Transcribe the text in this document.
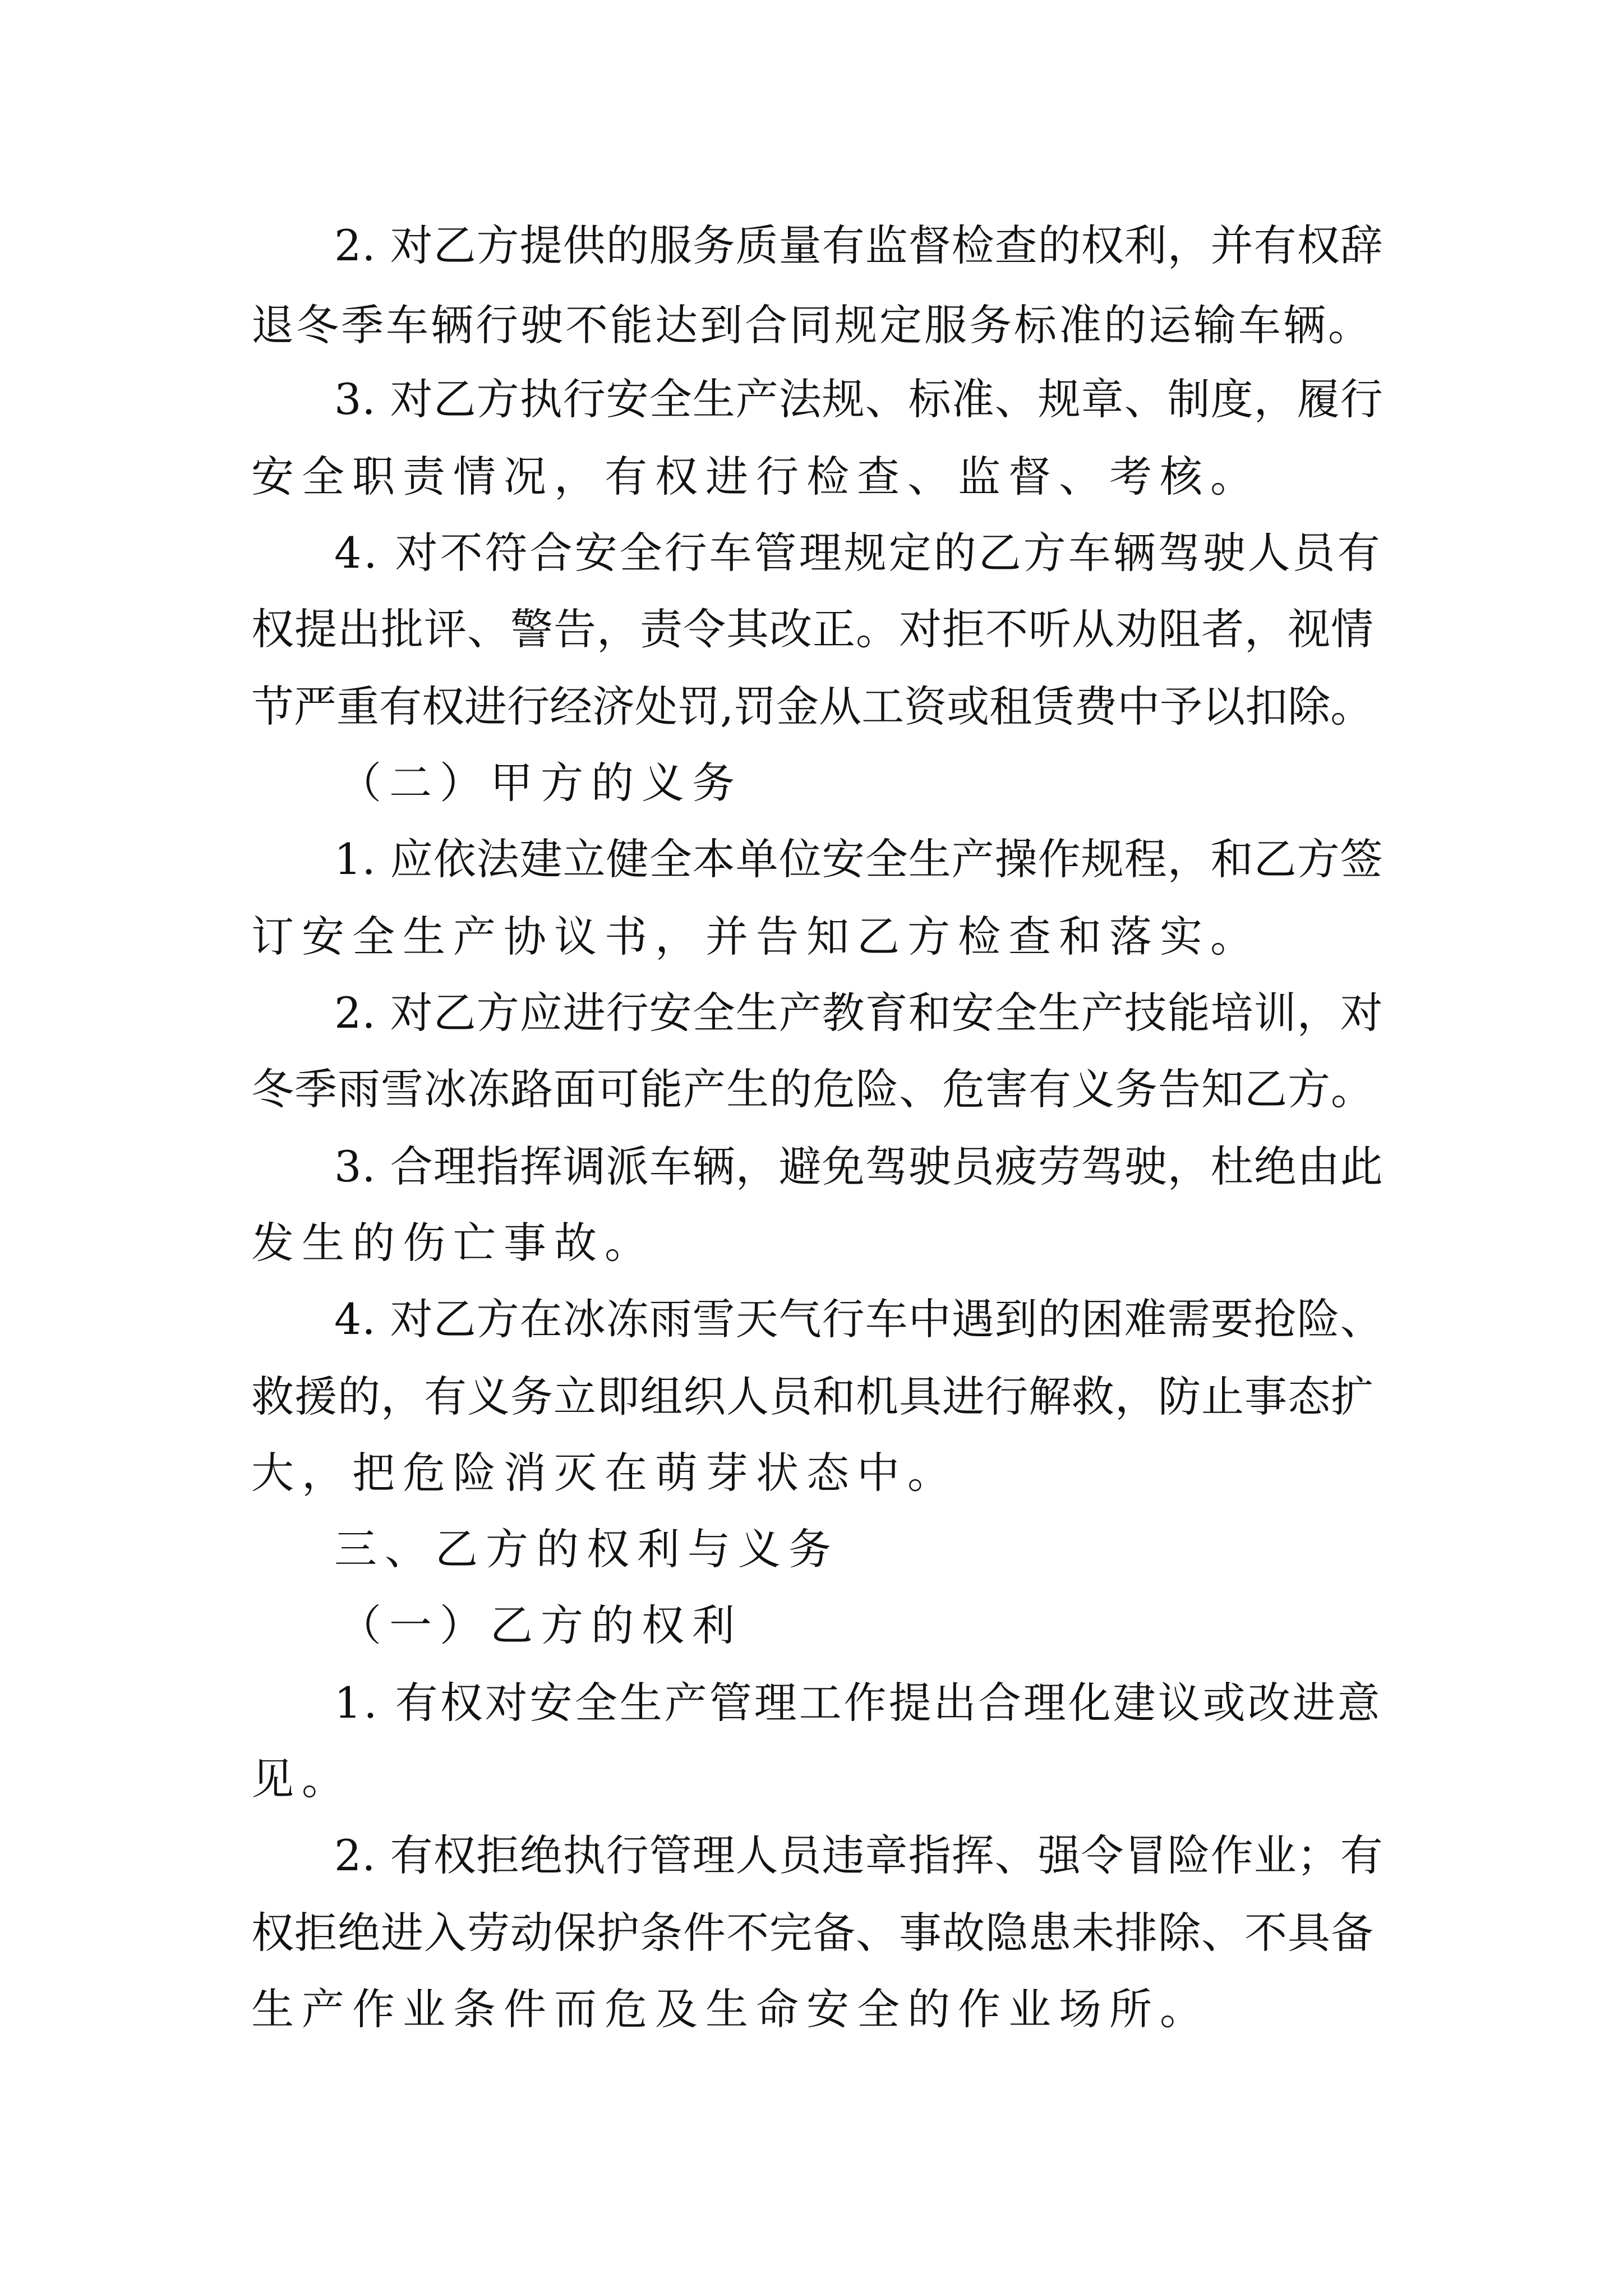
2. 对乙方提供的服务质量有监督检查的权利，并有权辞

退冬季车辆行驶不能达到合同规定服务标准的运输车辆。

3. 对乙方执行安全生产法规、标准、规章、制度，履行

安全职责情况，有权进行检查、监督、考核。

4. 对不符合安全行车管理规定的乙方车辆驾驶人员有

权提出批评、警告，责令其改正。对拒不听从劝阻者，视情

节严重有权进行经济处罚,罚金从工资或租赁费中予以扣除。

（二）甲方的义务

1. 应依法建立健全本单位安全生产操作规程，和乙方签

订安全生产协议书，并告知乙方检查和落实。

2. 对乙方应进行安全生产教育和安全生产技能培训，对

冬季雨雪冰冻路面可能产生的危险、危害有义务告知乙方。

3. 合理指挥调派车辆，避免驾驶员疲劳驾驶，杜绝由此

发生的伤亡事故。

4. 对乙方在冰冻雨雪天气行车中遇到的困难需要抢险、

救援的，有义务立即组织人员和机具进行解救，防止事态扩

大，把危险消灭在萌芽状态中。

三、乙方的权利与义务

（一）乙方的权利

1. 有权对安全生产管理工作提出合理化建议或改进意

见。

2. 有权拒绝执行管理人员违章指挥、强令冒险作业；有

权拒绝进入劳动保护条件不完备、事故隐患未排除、不具备

生产作业条件而危及生命安全的作业场所。
